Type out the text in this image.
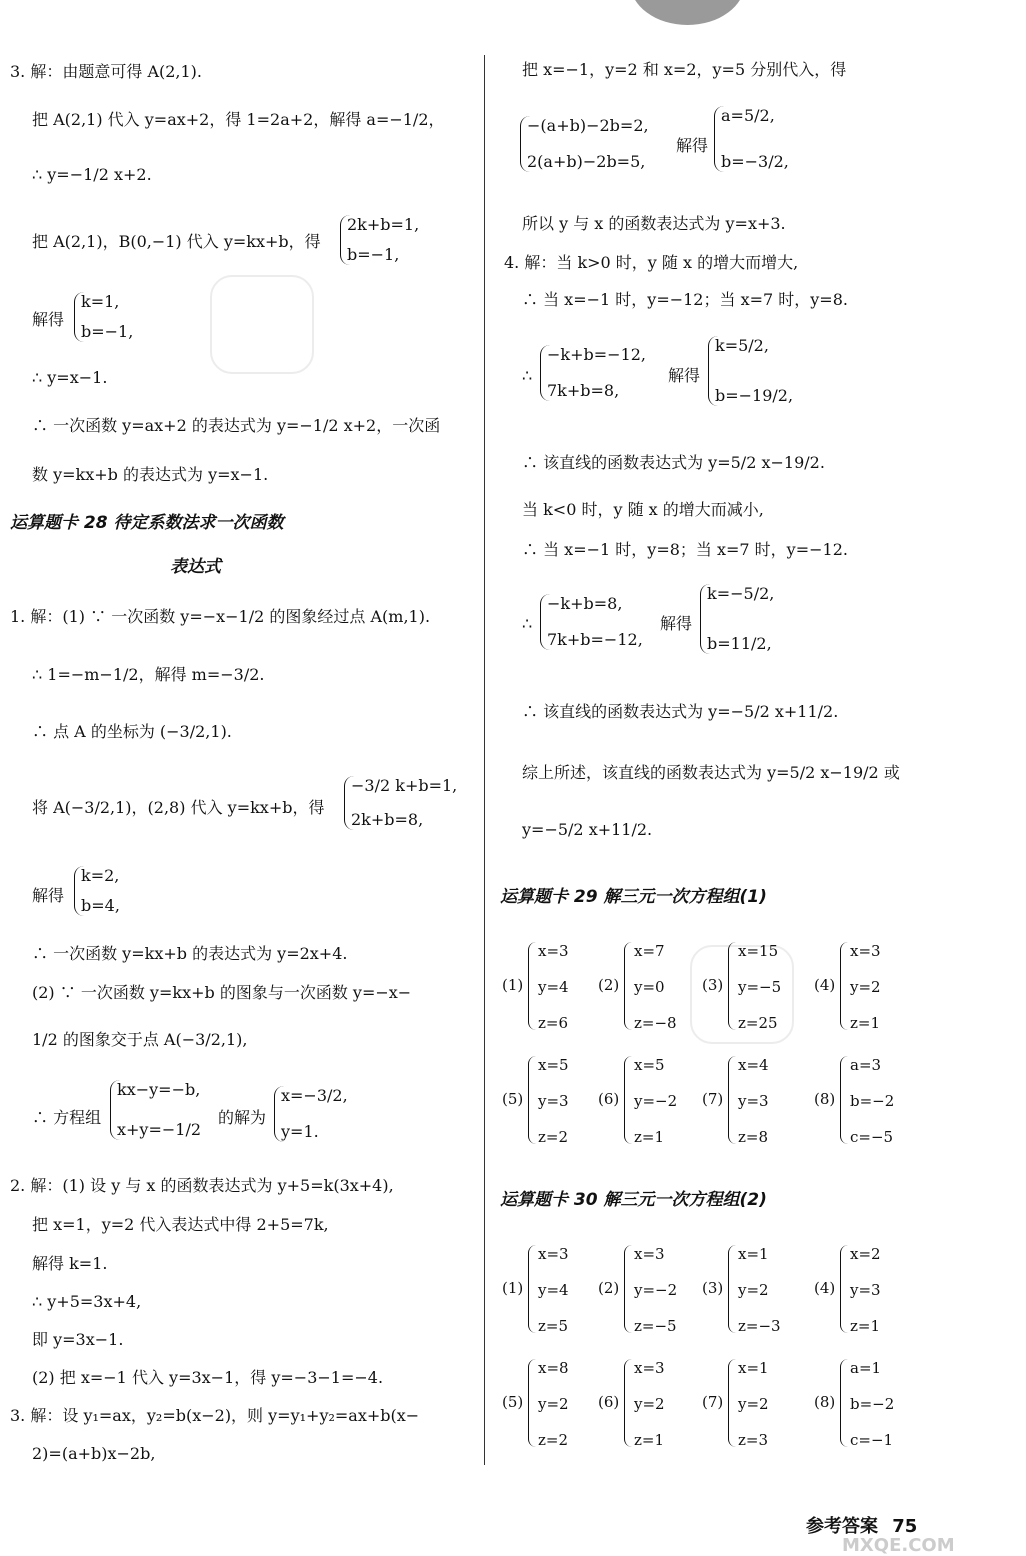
3. 解：由题意可得 A(2,1).
把 A(2,1) 代入 y=ax+2，得 1=2a+2，解得 a=−1/2，
∴ y=−1/2 x+2.
把 A(2,1)，B(0,−1) 代入 y=kx+b，得
2k+b=1,
b=−1,
解得
k=1,
b=−1,
∴ y=x−1.
∴ 一次函数 y=ax+2 的表达式为 y=−1/2 x+2，一次函
数 y=kx+b 的表达式为 y=x−1.
运算题卡 28 待定系数法求一次函数
表达式
1. 解：(1) ∵ 一次函数 y=−x−1/2 的图象经过点 A(m,1).
∴ 1=−m−1/2，解得 m=−3/2.
∴ 点 A 的坐标为 (−3/2,1).
将 A(−3/2,1)，(2,8) 代入 y=kx+b，得
−3/2 k+b=1,
2k+b=8,
解得
k=2,
b=4,
∴ 一次函数 y=kx+b 的表达式为 y=2x+4.
(2) ∵ 一次函数 y=kx+b 的图象与一次函数 y=−x−
1/2 的图象交于点 A(−3/2,1),
∴ 方程组
kx−y=−b,
x+y=−1/2
的解为
x=−3/2,
y=1.
2. 解：(1) 设 y 与 x 的函数表达式为 y+5=k(3x+4),
把 x=1，y=2 代入表达式中得 2+5=7k,
解得 k=1.
∴ y+5=3x+4,
即 y=3x−1.
(2) 把 x=−1 代入 y=3x−1，得 y=−3−1=−4.
3. 解：设 y₁=ax，y₂=b(x−2)，则 y=y₁+y₂=ax+b(x−
2)=(a+b)x−2b,
把 x=−1，y=2 和 x=2，y=5 分别代入，得
−(a+b)−2b=2,
2(a+b)−2b=5,
解得
a=5/2,
b=−3/2,
所以 y 与 x 的函数表达式为 y=x+3.
4. 解：当 k>0 时，y 随 x 的增大而增大,
∴ 当 x=−1 时，y=−12；当 x=7 时，y=8.
∴
−k+b=−12,
7k+b=8,
解得
k=5/2,
b=−19/2,
∴ 该直线的函数表达式为 y=5/2 x−19/2.
当 k<0 时，y 随 x 的增大而减小,
∴ 当 x=−1 时，y=8；当 x=7 时，y=−12.
∴
−k+b=8,
7k+b=−12,
解得
k=−5/2,
b=11/2,
∴ 该直线的函数表达式为 y=−5/2 x+11/2.
综上所述，该直线的函数表达式为 y=5/2 x−19/2 或
y=−5/2 x+11/2.
运算题卡 29 解三元一次方程组(1)
运算题卡 30 解三元一次方程组(2)
(1)
x=3
y=4
z=6
(2)
x=7
y=0
z=−8
(3)
x=15
y=−5
z=25
(4)
x=3
y=2
z=1
(5)
x=5
y=3
z=2
(6)
x=5
y=−2
z=1
(7)
x=4
y=3
z=8
(8)
a=3
b=−2
c=−5
(1)
x=3
y=4
z=5
(2)
x=3
y=−2
z=−5
(3)
x=1
y=2
z=−3
(4)
x=2
y=3
z=1
(5)
x=8
y=2
z=2
(6)
x=3
y=2
z=1
(7)
x=1
y=2
z=3
(8)
a=1
b=−2
c=−1
参考答案 75
MXQE.COM
